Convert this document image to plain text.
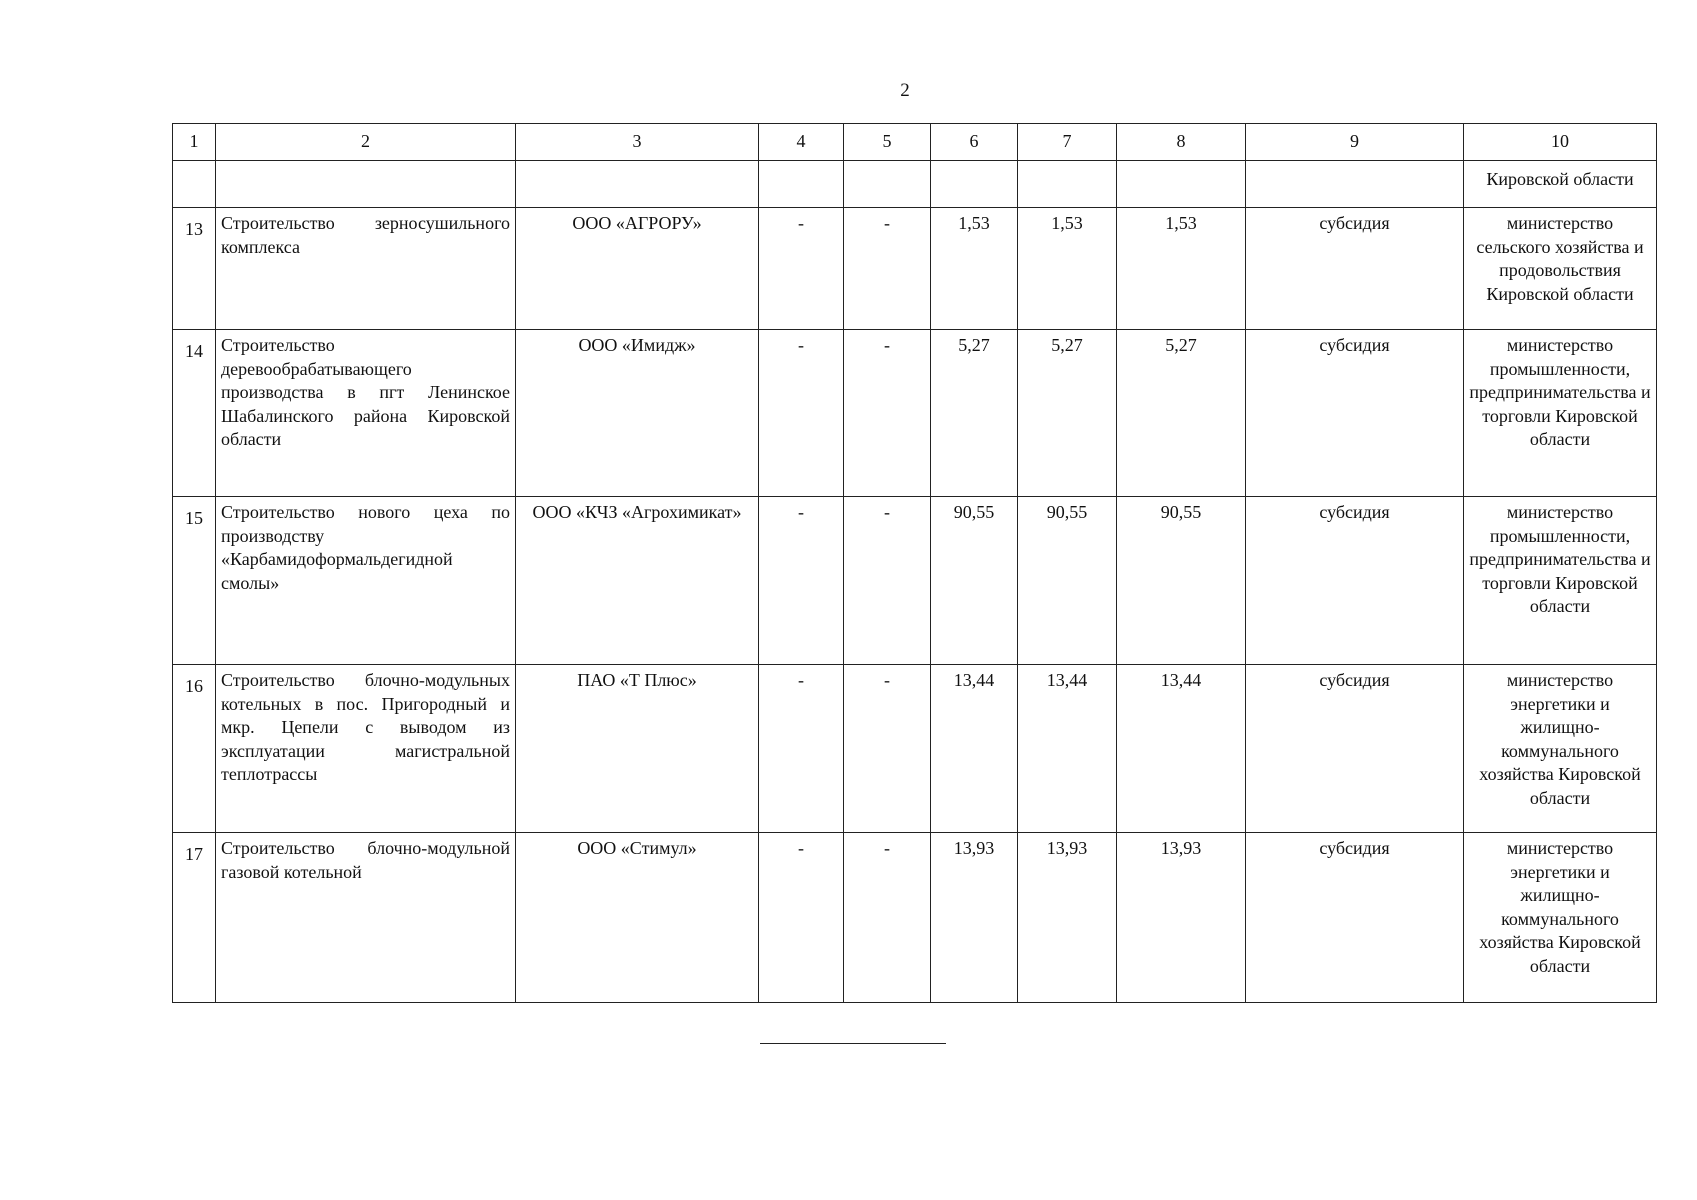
2
1	2	3	4	5	6	7	8	9	10
									Кировской области
13	Строительство зерносушильного комплекса	ООО «АГРОРУ»	-	-	1,53	1,53	1,53	субсидия	министерство сельского хозяйства и продовольствия Кировской области
14	Строительство деревообрабатывающего производства в пгт Ленинское Шабалинского района Кировской области	ООО «Имидж»	-	-	5,27	5,27	5,27	субсидия	министерство промышленности, предпринимательства и торговли Кировской области
15	Строительство нового цеха по производству «Карбамидоформальдегидной смолы»	ООО «КЧЗ «Агрохимикат»	-	-	90,55	90,55	90,55	субсидия	министерство промышленности, предпринимательства и торговли Кировской области
16	Строительство блочно-модульных котельных в пос. Пригородный и мкр. Цепели с выводом из эксплуатации магистральной теплотрассы	ПАО «Т Плюс»	-	-	13,44	13,44	13,44	субсидия	министерство энергетики и жилищно-коммунального хозяйства Кировской области
17	Строительство блочно-модульной газовой котельной	ООО «Стимул»	-	-	13,93	13,93	13,93	субсидия	министерство энергетики и жилищно-коммунального хозяйства Кировской области
